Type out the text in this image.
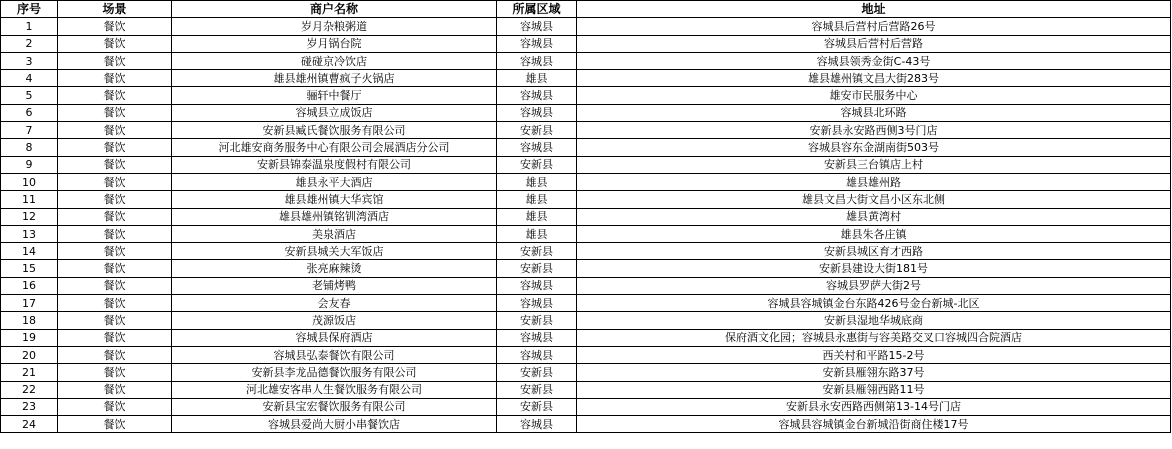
序号	场景	商户名称	所属区域	地址
1	餐饮	岁月杂粮粥道	容城县	容城县后营村后营路26号
2	餐饮	岁月锅台院	容城县	容城县后营村后营路
3	餐饮	碰碰京冷饮店	容城县	容城县领秀金街C-43号
4	餐饮	雄县雄州镇曹疯子火锅店	雄县	雄县雄州镇文昌大街283号
5	餐饮	骊轩中餐厅	容城县	雄安市民服务中心
6	餐饮	容城县立成饭店	容城县	容城县北环路
7	餐饮	安新县臧氏餐饮服务有限公司	安新县	安新县永安路西侧3号门店
8	餐饮	河北雄安商务服务中心有限公司会展酒店分公司	容城县	容城县容东金湖南街503号
9	餐饮	安新县锦泰温泉度假村有限公司	安新县	安新县三台镇店上村
10	餐饮	雄县永平大酒店	雄县	雄县雄州路
11	餐饮	雄县雄州镇大华宾馆	雄县	雄县文昌大街文昌小区东北侧
12	餐饮	雄县雄州镇铭钏湾酒店	雄县	雄县黄湾村
13	餐饮	美泉酒店	雄县	雄县朱各庄镇
14	餐饮	安新县城关大军饭店	安新县	安新县城区育才西路
15	餐饮	张亮麻辣烫	安新县	安新县建设大街181号
16	餐饮	老铺烤鸭	容城县	容城县罗萨大街2号
17	餐饮	会友春	容城县	容城县容城镇金台东路426号金台新城-北区
18	餐饮	茂源饭店	安新县	安新县湿地华城底商
19	餐饮	容城县保府酒店	容城县	保府酒文化园；容城县永惠街与容美路交叉口容城四合院酒店
20	餐饮	容城县弘泰餐饮有限公司	容城县	西关村和平路15-2号
21	餐饮	安新县李龙品德餐饮服务有限公司	安新县	安新县雁翎东路37号
22	餐饮	河北雄安客串人生餐饮服务有限公司	安新县	安新县雁翎西路11号
23	餐饮	安新县宝宏餐饮服务有限公司	安新县	安新县永安西路西侧第13-14号门店
24	餐饮	容城县爱尚大厨小串餐饮店	容城县	容城县容城镇金台新城沿街商住楼17号
